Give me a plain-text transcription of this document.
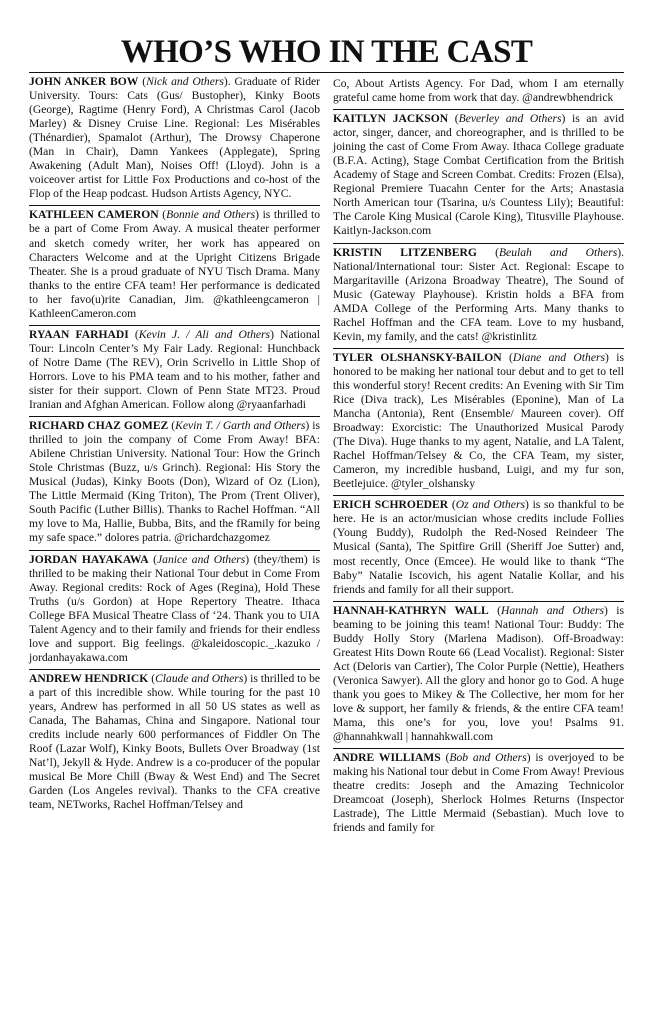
WHO’S WHO IN THE CAST
JOHN ANKER BOW (Nick and Others). Graduate of Rider University. Tours: Cats (Gus/ Bustopher), Kinky Boots (George), Ragtime (Henry Ford), A Christmas Carol (Jacob Marley) & Disney Cruise Line. Regional: Les Misérables (Thénardier), Spamalot (Arthur), The Drowsy Chaperone (Man in Chair), Damn Yankees (Applegate), Spring Awakening (Adult Man), Noises Off! (Lloyd). John is a voiceover artist for Little Fox Productions and co-host of the Flop of the Heap podcast. Hudson Artists Agency, NYC.
KATHLEEN CAMERON (Bonnie and Others) is thrilled to be a part of Come From Away. A musical theater performer and sketch comedy writer, her work has appeared on Characters Welcome and at the Upright Citizens Brigade Theater. She is a proud graduate of NYU Tisch Drama. Many thanks to the entire CFA team! Her performance is dedicated to her favo(u)rite Canadian, Jim. @kathleengcameron | KathleenCameron.com
RYAAN FARHADI (Kevin J. / Ali and Others) National Tour: Lincoln Center’s My Fair Lady. Regional: Hunchback of Notre Dame (The REV), Orin Scrivello in Little Shop of Horrors. Love to his PMA team and to his mother, father and sister for their support. Clown of Penn State MT23. Proud Iranian and Afghan American. Follow along @ryaanfarhadi
RICHARD CHAZ GOMEZ (Kevin T. / Garth and Others) is thrilled to join the company of Come From Away! BFA: Abilene Christian University. National Tour: How the Grinch Stole Christmas (Buzz, u/s Grinch). Regional: His Story the Musical (Judas), Kinky Boots (Don), Wizard of Oz (Lion), The Little Mermaid (King Triton), The Prom (Trent Oliver), South Pacific (Luther Billis). Thanks to Rachel Hoffman. “All my love to Ma, Hallie, Bubba, Bits, and the fRamily for being my safe space.” dolores patria. @richardchazgomez
JORDAN HAYAKAWA (Janice and Others) (they/them) is thrilled to be making their National Tour debut in Come From Away. Regional credits: Rock of Ages (Regina), Hold These Truths (u/s Gordon) at Hope Repertory Theatre. Ithaca College BFA Musical Theatre Class of ‘24. Thank you to UIA Talent Agency and to their family and friends for their endless love and support. Big feelings. @kaleidoscopic._.kazuko / jordanhayakawa.com
ANDREW HENDRICK (Claude and Others) is thrilled to be a part of this incredible show. While touring for the past 10 years, Andrew has performed in all 50 US states as well as Canada, The Bahamas, China and Singapore. National tour credits include nearly 600 performances of Fiddler On The Roof (Lazar Wolf), Kinky Boots, Bullets Over Broadway (1st Nat’l), Jekyll & Hyde. Andrew is a co-producer of the popular musical Be More Chill (Bway & West End) and The Secret Garden (Los Angeles revival). Thanks to the CFA creative team, NETworks, Rachel Hoffman/Telsey and
Co, About Artists Agency. For Dad, whom I am eternally grateful came home from work that day. @andrewbhendrick
KAITLYN JACKSON (Beverley and Others) is an avid actor, singer, dancer, and choreographer, and is thrilled to be joining the cast of Come From Away. Ithaca College graduate (B.F.A. Acting), Stage Combat Certification from the British Academy of Stage and Screen Combat. Credits: Frozen (Elsa), Regional Premiere Tuacahn Center for the Arts; Anastasia North American tour (Tsarina, u/s Countess Lily); Beautiful: The Carole King Musical (Carole King), Titusville Playhouse. Kaitlyn-Jackson.com
KRISTIN LITZENBERG (Beulah and Others). National/International tour: Sister Act. Regional: Escape to Margaritaville (Arizona Broadway Theatre), The Sound of Music (Gateway Playhouse). Kristin holds a BFA from AMDA College of the Performing Arts. Many thanks to Rachel Hoffman and the CFA team. Love to my husband, Kevin, my family, and the cats! @kristinlitz
TYLER OLSHANSKY-BAILON (Diane and Others) is honored to be making her national tour debut and to get to tell this wonderful story! Recent credits: An Evening with Sir Tim Rice (Diva track), Les Misérables (Eponine), Man of La Mancha (Antonia), Rent (Ensemble/ Maureen cover). Off Broadway: Exorcistic: The Unauthorized Musical Parody (The Diva). Huge thanks to my agent, Natalie, and LA Talent, Rachel Hoffman/Telsey & Co, the CFA Team, my sister, Cameron, my incredible husband, Luigi, and my fur son, Beetlejuice. @tyler_olshansky
ERICH SCHROEDER (Oz and Others) is so thankful to be here. He is an actor/musician whose credits include Follies (Young Buddy), Rudolph the Red-Nosed Reindeer The Musical (Santa), The Spitfire Grill (Sheriff Joe Sutter) and, most recently, Once (Emcee). He would like to thank “The Baby” Natalie Iscovich, his agent Natalie Kollar, and his friends and family for all their support.
HANNAH-KATHRYN WALL (Hannah and Others) is beaming to be joining this team! National Tour: Buddy: The Buddy Holly Story (Marlena Madison). Off-Broadway: Greatest Hits Down Route 66 (Lead Vocalist). Regional: Sister Act (Deloris van Cartier), The Color Purple (Nettie), Heathers (Veronica Sawyer). All the glory and honor go to God. A huge thank you goes to Mikey & The Collective, her mom for her love & support, her family & friends, & the entire CFA team! Mama, this one’s for you, love you! Psalms 91. @hannahkwall | hannahkwall.com
ANDRE WILLIAMS (Bob and Others) is overjoyed to be making his National tour debut in Come From Away! Previous theatre credits: Joseph and the Amazing Technicolor Dreamcoat (Joseph), Sherlock Holmes Returns (Inspector Lastrade), The Little Mermaid (Sebastian). Much love to friends and family for
